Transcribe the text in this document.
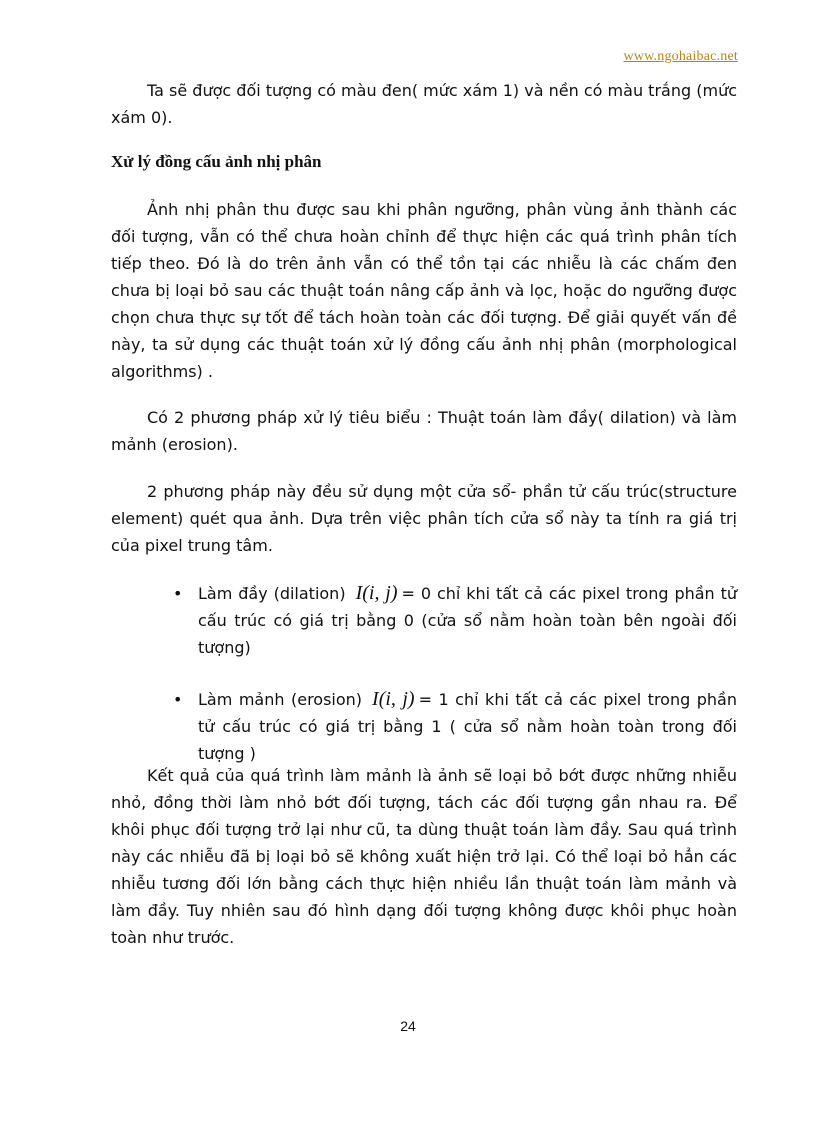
www.ngohaibac.net

Ta sẽ được đối tượng có màu đen( mức xám 1) và nền có màu trắng (mức xám 0).

Xử lý đồng cấu ảnh nhị phân

Ảnh nhị phân thu được sau khi phân ngưỡng, phân vùng ảnh thành các đối tượng, vẫn có thể chưa hoàn chỉnh để thực hiện các quá trình phân tích tiếp theo. Đó là do trên ảnh vẫn có thể tồn tại các nhiễu là các chấm đen chưa bị loại bỏ sau các thuật toán nâng cấp ảnh và lọc, hoặc do ngưỡng được chọn chưa thực sự tốt để tách hoàn toàn các đối tượng. Để giải quyết vấn đề này, ta sử dụng các thuật toán xử lý đồng cấu ảnh nhị phân (morphological algorithms) .

Có 2 phương pháp xử lý tiêu biểu : Thuật toán làm đầy( dilation) và làm mảnh (erosion).

2 phương pháp này đều sử dụng một cửa sổ- phần tử cấu trúc(structure element) quét qua ảnh. Dựa trên việc phân tích cửa sổ này ta tính ra giá trị của pixel trung tâm.

• Làm đầy (dilation) I(i, j) = 0 chỉ khi tất cả các pixel trong phần tử cấu trúc có giá trị bằng 0 (cửa sổ nằm hoàn toàn bên ngoài đối tượng)
• Làm mảnh (erosion) I(i, j) = 1 chỉ khi tất cả các pixel trong phần tử cấu trúc có giá trị bằng 1 ( cửa sổ nằm hoàn toàn trong đối tượng )

Kết quả của quá trình làm mảnh là ảnh sẽ loại bỏ bớt được những nhiễu nhỏ, đồng thời làm nhỏ bớt đối tượng, tách các đối tượng gần nhau ra. Để khôi phục đối tượng trở lại như cũ, ta dùng thuật toán làm đầy. Sau quá trình này các nhiễu đã bị loại bỏ sẽ không xuất hiện trở lại. Có thể loại bỏ hẳn các nhiễu tương đối lớn bằng cách thực hiện nhiều lần thuật toán làm mảnh và làm đầy. Tuy nhiên sau đó hình dạng đối tượng không được khôi phục hoàn toàn như trước.

24
